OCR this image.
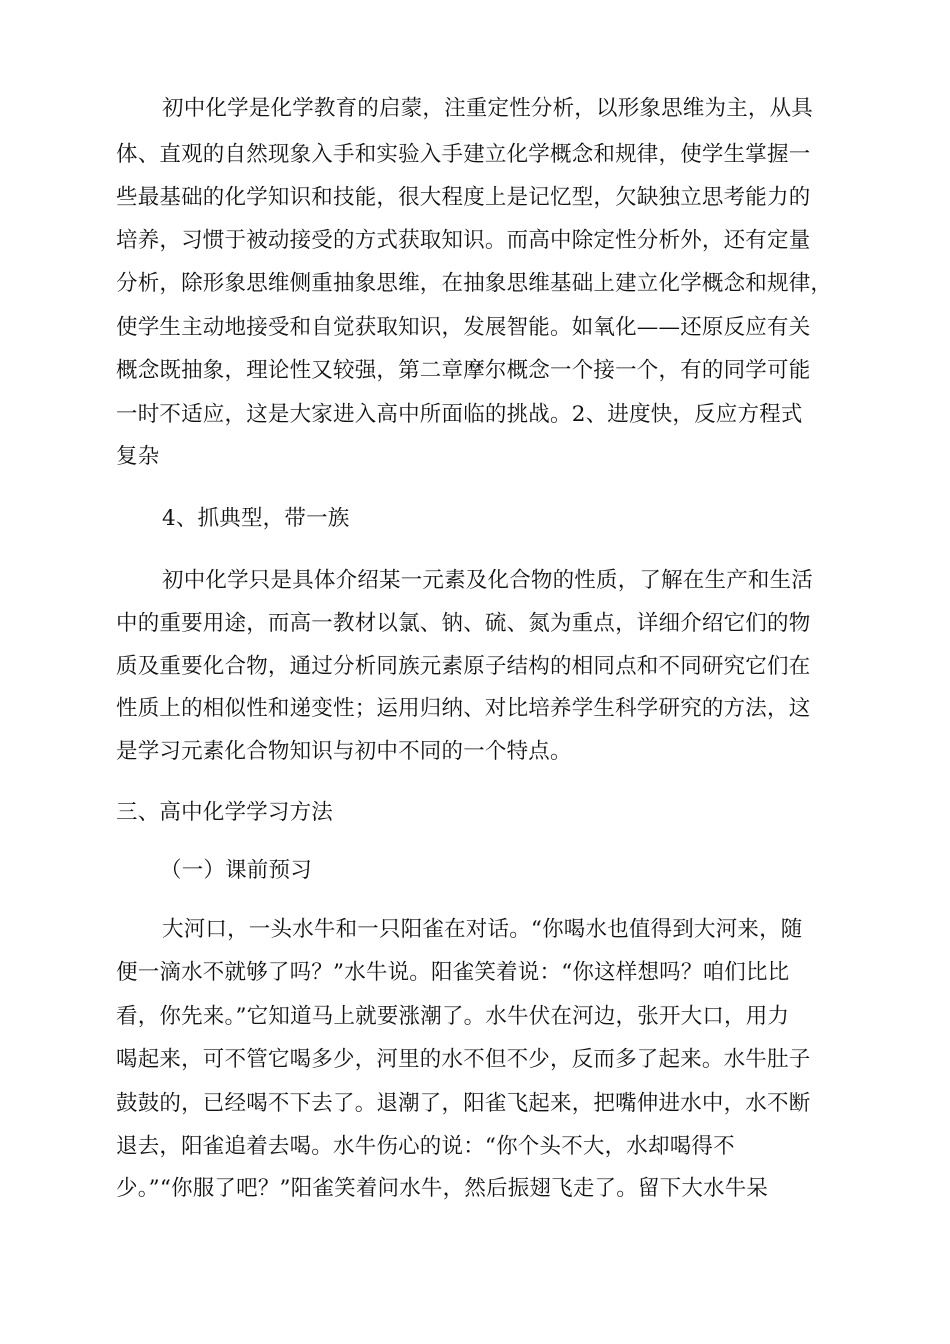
初中化学是化学教育的启蒙，注重定性分析，以形象思维为主，从具
体、直观的自然现象入手和实验入手建立化学概念和规律，使学生掌握一
些最基础的化学知识和技能，很大程度上是记忆型，欠缺独立思考能力的
培养，习惯于被动接受的方式获取知识。而高中除定性分析外，还有定量
分析，除形象思维侧重抽象思维，在抽象思维基础上建立化学概念和规律，
使学生主动地接受和自觉获取知识，发展智能。如氧化——还原反应有关
概念既抽象，理论性又较强，第二章摩尔概念一个接一个，有的同学可能
一时不适应，这是大家进入高中所面临的挑战。2、进度快，反应方程式
复杂
4、抓典型，带一族
初中化学只是具体介绍某一元素及化合物的性质，了解在生产和生活
中的重要用途，而高一教材以氯、钠、硫、氮为重点，详细介绍它们的物
质及重要化合物，通过分析同族元素原子结构的相同点和不同研究它们在
性质上的相似性和递变性；运用归纳、对比培养学生科学研究的方法，这
是学习元素化合物知识与初中不同的一个特点。
三、高中化学学习方法
（一）课前预习
大河口，一头水牛和一只阳雀在对话。“你喝水也值得到大河来，随
便一滴水不就够了吗？”水牛说。阳雀笑着说：“你这样想吗？咱们比比
看，你先来。”它知道马上就要涨潮了。水牛伏在河边，张开大口，用力
喝起来，可不管它喝多少，河里的水不但不少，反而多了起来。水牛肚子
鼓鼓的，已经喝不下去了。退潮了，阳雀飞起来，把嘴伸进水中，水不断
退去，阳雀追着去喝。水牛伤心的说：“你个头不大，水却喝得不
少。”“你服了吧？”阳雀笑着问水牛，然后振翅飞走了。留下大水牛呆
